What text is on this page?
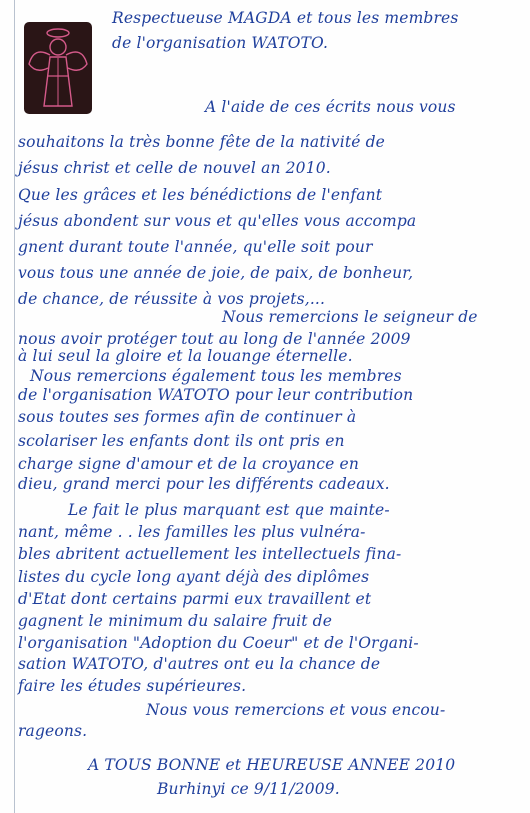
Respectueuse MAGDA et tous les membres
de l'organisation WATOTO.
A l'aide de ces écrits nous vous
souhaitons la très bonne fête de la nativité de
jésus christ et celle de nouvel an 2010.
Que les grâces et les bénédictions de l'enfant
jésus abondent sur vous et qu'elles vous accompa
gnent durant toute l'année, qu'elle soit pour
vous tous une année de joie, de paix, de bonheur,
de chance, de réussite à vos projets,...
Nous remercions le seigneur de
nous avoir protéger tout au long de l'année 2009
à lui seul la gloire et la louange éternelle.
Nous remercions également tous les membres
de l'organisation WATOTO pour leur contribution
sous toutes ses formes afin de continuer à
scolariser les enfants dont ils ont pris en
charge signe d'amour et de la croyance en
dieu, grand merci pour les différents cadeaux.
Le fait le plus marquant est que mainte-
nant, même . . les familles les plus vulnéra-
bles abritent actuellement les intellectuels fina-
listes du cycle long ayant déjà des diplômes
d'Etat dont certains parmi eux travaillent et
gagnent le minimum du salaire fruit de
l'organisation "Adoption du Coeur" et de l'Organi-
sation WATOTO, d'autres ont eu la chance de
faire les études supérieures.
Nous vous remercions et vous encou-
rageons.
A TOUS BONNE et HEUREUSE ANNEE 2010
Burhinyi ce 9/11/2009.
